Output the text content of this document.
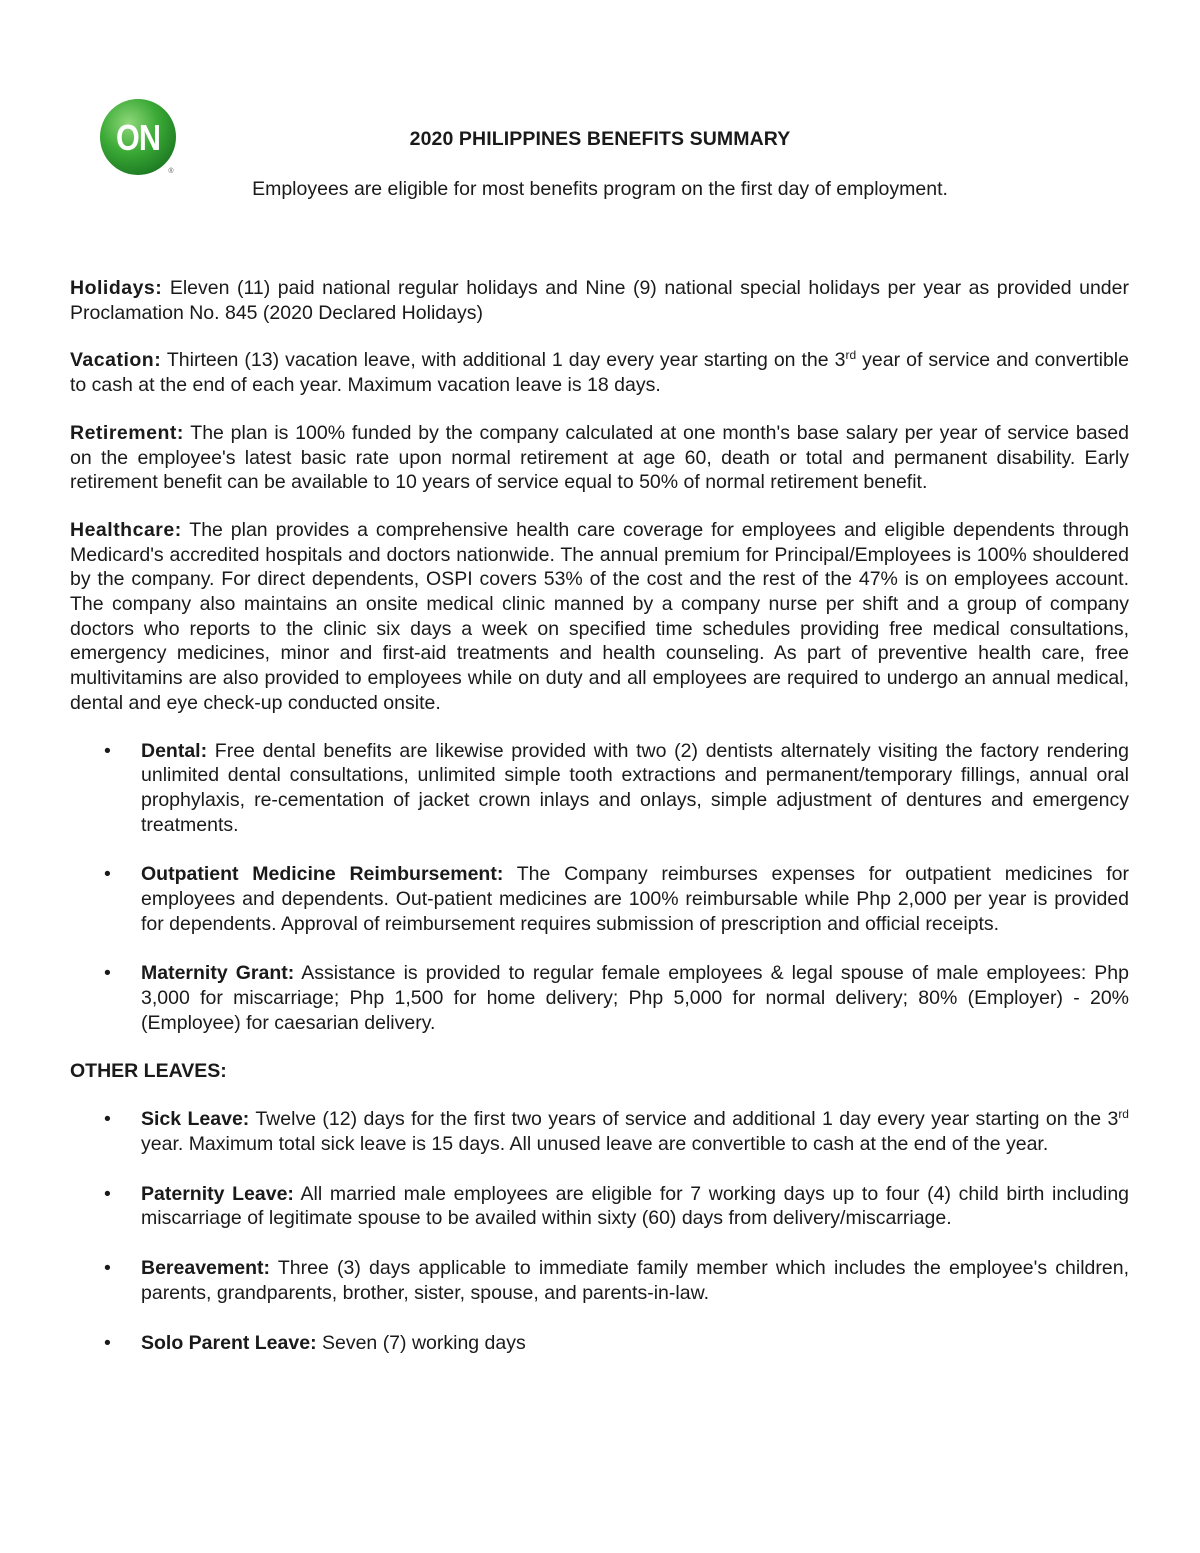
ON
®
2020 PHILIPPINES BENEFITS SUMMARY

Employees are eligible for most benefits program on the first day of employment.

Holidays: Eleven (11) paid national regular holidays and Nine (9) national special holidays per year as provided under Proclamation No. 845 (2020 Declared Holidays)

Vacation: Thirteen (13) vacation leave, with additional 1 day every year starting on the 3rd year of service and convertible to cash at the end of each year. Maximum vacation leave is 18 days.

Retirement: The plan is 100% funded by the company calculated at one month's base salary per year of service based on the employee's latest basic rate upon normal retirement at age 60, death or total and permanent disability. Early retirement benefit can be available to 10 years of service equal to 50% of normal retirement benefit.

Healthcare: The plan provides a comprehensive health care coverage for employees and eligible dependents through Medicard's accredited hospitals and doctors nationwide. The annual premium for Principal/Employees is 100% shouldered by the company. For direct dependents, OSPI covers 53% of the cost and the rest of the 47% is on employees account. The company also maintains an onsite medical clinic manned by a company nurse per shift and a group of company doctors who reports to the clinic six days a week on specified time schedules providing free medical consultations, emergency medicines, minor and first-aid treatments and health counseling. As part of preventive health care, free multivitamins are also provided to employees while on duty and all employees are required to undergo an annual medical, dental and eye check-up conducted onsite.

• Dental: Free dental benefits are likewise provided with two (2) dentists alternately visiting the factory rendering unlimited dental consultations, unlimited simple tooth extractions and permanent/temporary fillings, annual oral prophylaxis, re-cementation of jacket crown inlays and onlays, simple adjustment of dentures and emergency treatments.
• Outpatient Medicine Reimbursement: The Company reimburses expenses for outpatient medicines for employees and dependents. Out-patient medicines are 100% reimbursable while Php 2,000 per year is provided for dependents. Approval of reimbursement requires submission of prescription and official receipts.
• Maternity Grant: Assistance is provided to regular female employees & legal spouse of male employees: Php 3,000 for miscarriage; Php 1,500 for home delivery; Php 5,000 for normal delivery; 80% (Employer) - 20% (Employee) for caesarian delivery.

OTHER LEAVES:

• Sick Leave: Twelve (12) days for the first two years of service and additional 1 day every year starting on the 3rd year. Maximum total sick leave is 15 days. All unused leave are convertible to cash at the end of the year.
• Paternity Leave: All married male employees are eligible for 7 working days up to four (4) child birth including miscarriage of legitimate spouse to be availed within sixty (60) days from delivery/miscarriage.
• Bereavement: Three (3) days applicable to immediate family member which includes the employee's children, parents, grandparents, brother, sister, spouse, and parents-in-law.
• Solo Parent Leave: Seven (7) working days
